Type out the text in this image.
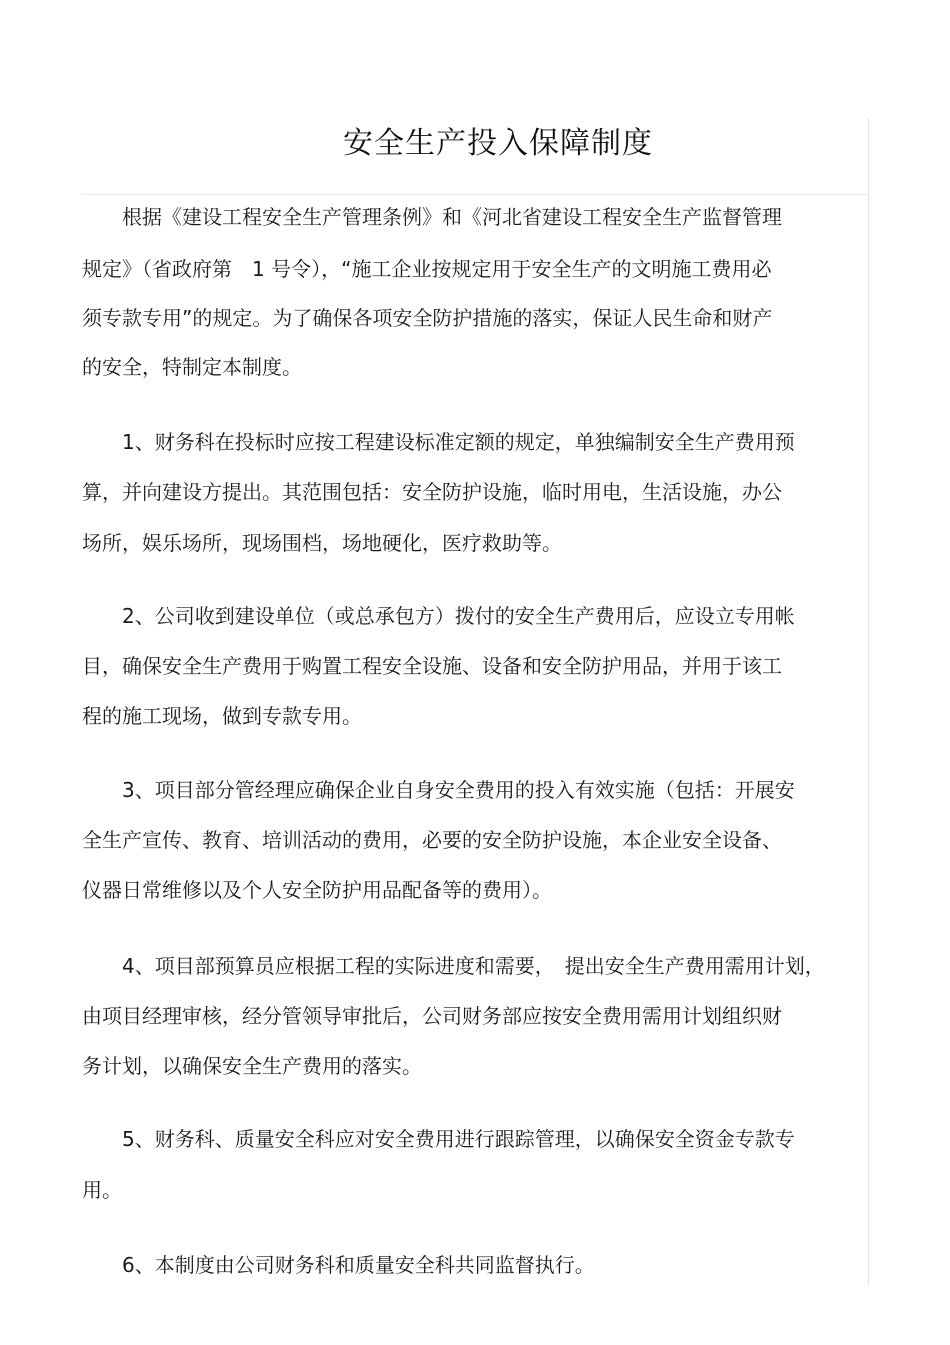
安全生产投入保障制度
根据《建设工程安全生产管理条例》和《河北省建设工程安全生产监督管理
规定》（省政府第　1 号令），“施工企业按规定用于安全生产的文明施工费用必
须专款专用”的规定。为了确保各项安全防护措施的落实，保证人民生命和财产
的安全，特制定本制度。
1、财务科在投标时应按工程建设标准定额的规定，单独编制安全生产费用预
算，并向建设方提出。其范围包括：安全防护设施，临时用电，生活设施，办公
场所，娱乐场所，现场围档，场地硬化，医疗救助等。
2、公司收到建设单位（或总承包方）拨付的安全生产费用后，应设立专用帐
目，确保安全生产费用于购置工程安全设施、设备和安全防护用品，并用于该工
程的施工现场，做到专款专用。
3、项目部分管经理应确保企业自身安全费用的投入有效实施（包括：开展安
全生产宣传、教育、培训活动的费用，必要的安全防护设施，本企业安全设备、
仪器日常维修以及个人安全防护用品配备等的费用）。
4、项目部预算员应根据工程的实际进度和需要，　提出安全生产费用需用计划，
由项目经理审核，经分管领导审批后，公司财务部应按安全费用需用计划组织财
务计划，以确保安全生产费用的落实。
5、财务科、质量安全科应对安全费用进行跟踪管理，以确保安全资金专款专
用。
6、本制度由公司财务科和质量安全科共同监督执行。
